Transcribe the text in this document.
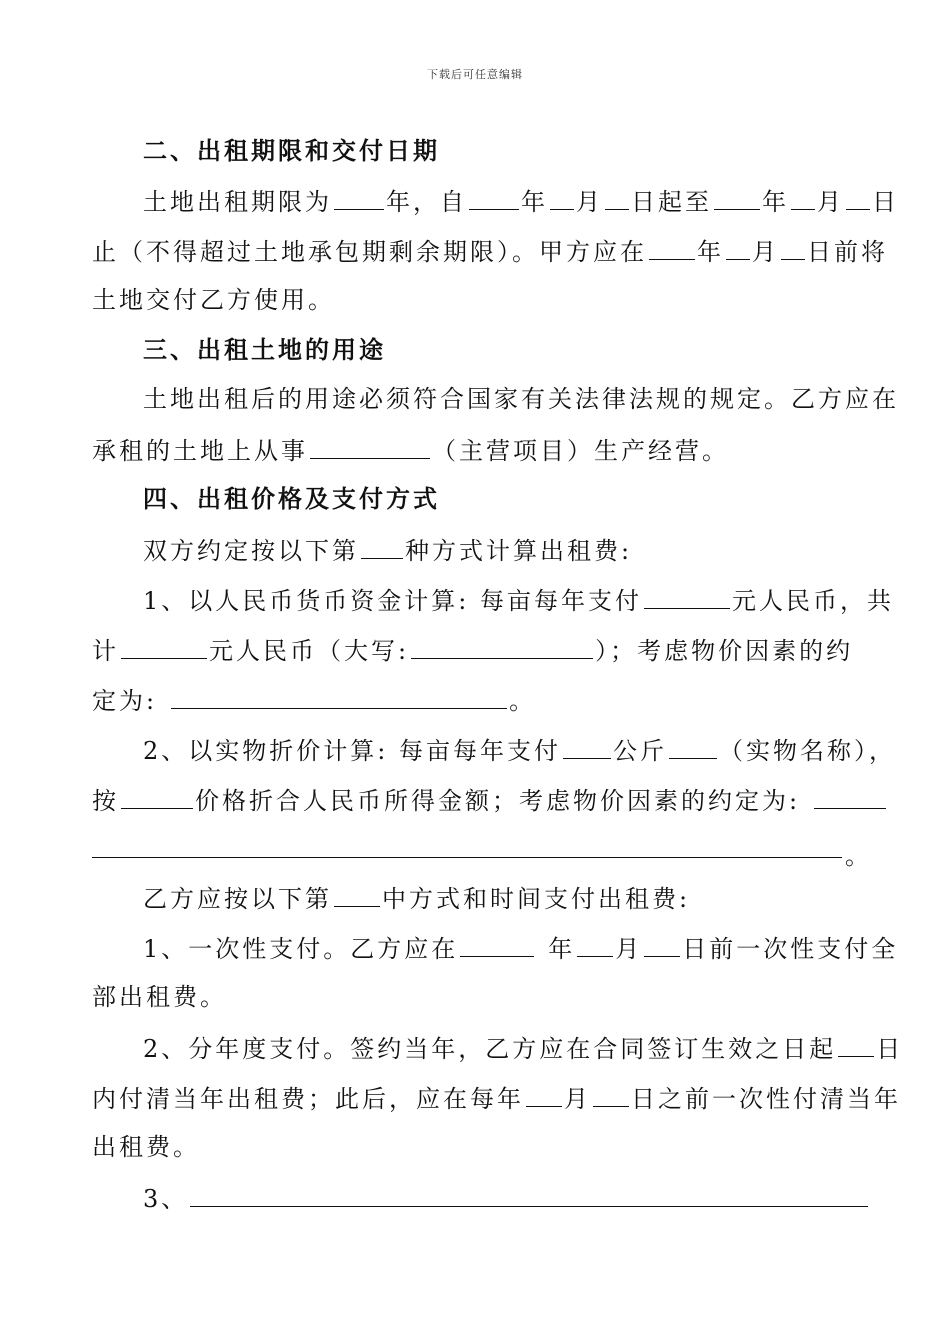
下载后可任意编辑
二、出租期限和交付日期
土地出租期限为 年，自 年 月 日起至 年 月 日
止（不得超过土地承包期剩余期限）。甲方应在 年 月 日前将
土地交付乙方使用。
三、出租土地的用途
土地出租后的用途必须符合国家有关法律法规的规定。乙方应在
承租的土地上从事	（主营项目）生产经营。
四、出租价格及支付方式
双方约定按以下第 种方式计算出租费:
1、以人民币货币资金计算: 每亩每年支付	元人民币，共
计	元人民币（大写:	）；考虑物价因素的约
定为:	。
2、以实物折价计算: 每亩每年支付 公斤 （实物名称），
按	价格折合人民币所得金额；考虑物价因素的约定为:
。
乙方应按以下第 中方式和时间支付出租费:
1、一次性支付。乙方应在	年 月 日前一次性支付全
部出租费。
2、分年度支付。签约当年，乙方应在合同签订生效之日起 日
内付清当年出租费；此后，应在每年 月 日之前一次性付清当年
出租费。
3、
